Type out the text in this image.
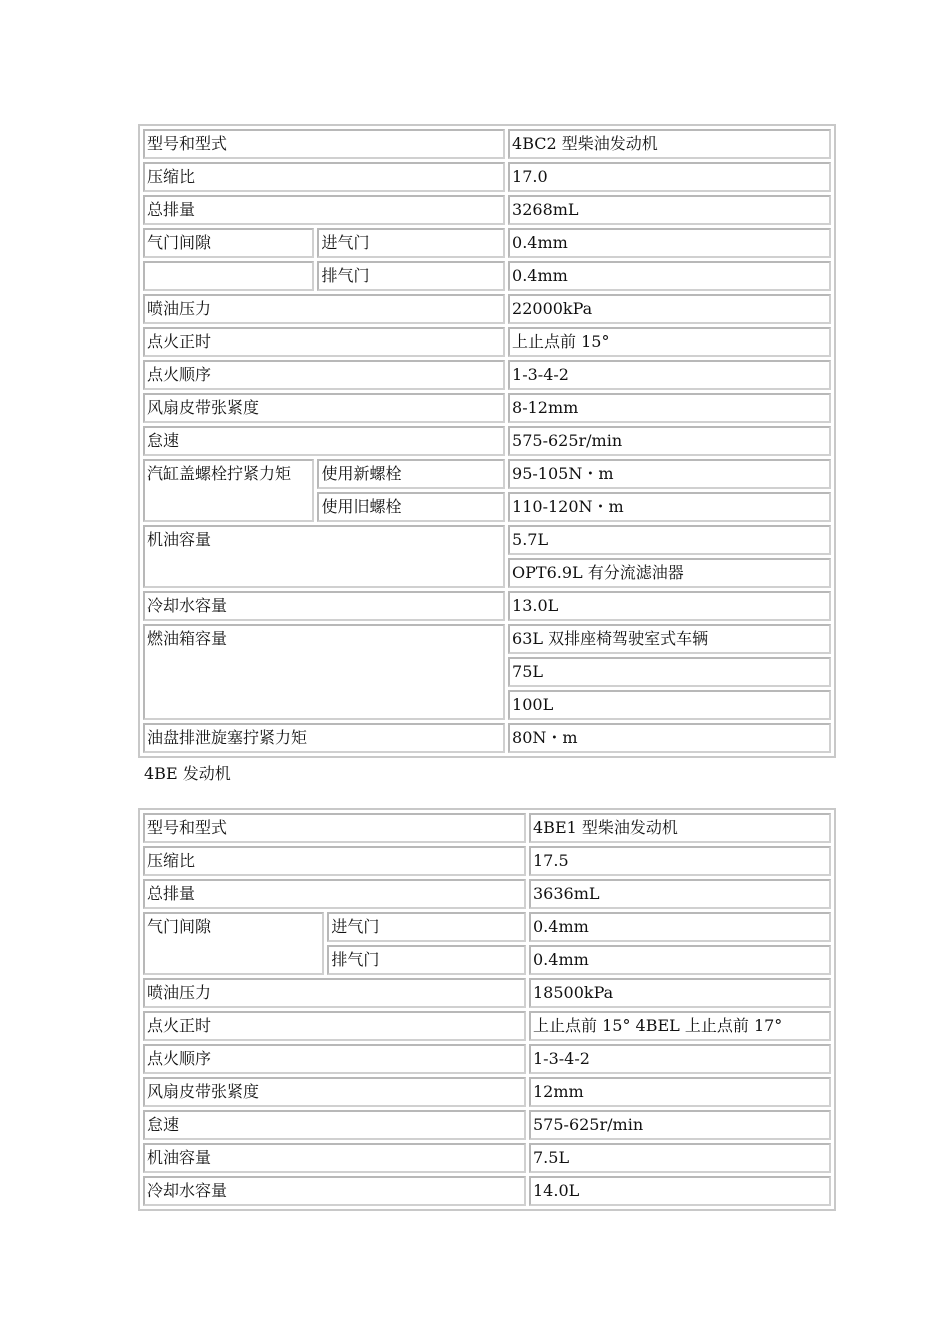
型号和型式		4BC2 型柴油发动机
压缩比		17.0
总排量		3268mL
气门间隙	进气门	0.4mm
	排气门	0.4mm
喷油压力		22000kPa
点火正时		上止点前 15°
点火顺序		1-3-4-2
风扇皮带张紧度		8-12mm
怠速		575-625r/min
汽缸盖螺栓拧紧力矩	使用新螺栓	95-105N・m
	使用旧螺栓	110-120N・m
机油容量		5.7L
		OPT6.9L 有分流滤油器
冷却水容量		13.0L
燃油箱容量		63L 双排座椅驾驶室式车辆
		75L
		100L
油盘排泄旋塞拧紧力矩		80N・m
4BE 发动机
型号和型式		4BE1 型柴油发动机
压缩比		17.5
总排量		3636mL
气门间隙	进气门	0.4mm
	排气门	0.4mm
喷油压力		18500kPa
点火正时		上止点前 15° 4BEL 上止点前 17°
点火顺序		1-3-4-2
风扇皮带张紧度		12mm
怠速		575-625r/min
机油容量		7.5L
冷却水容量		14.0L
